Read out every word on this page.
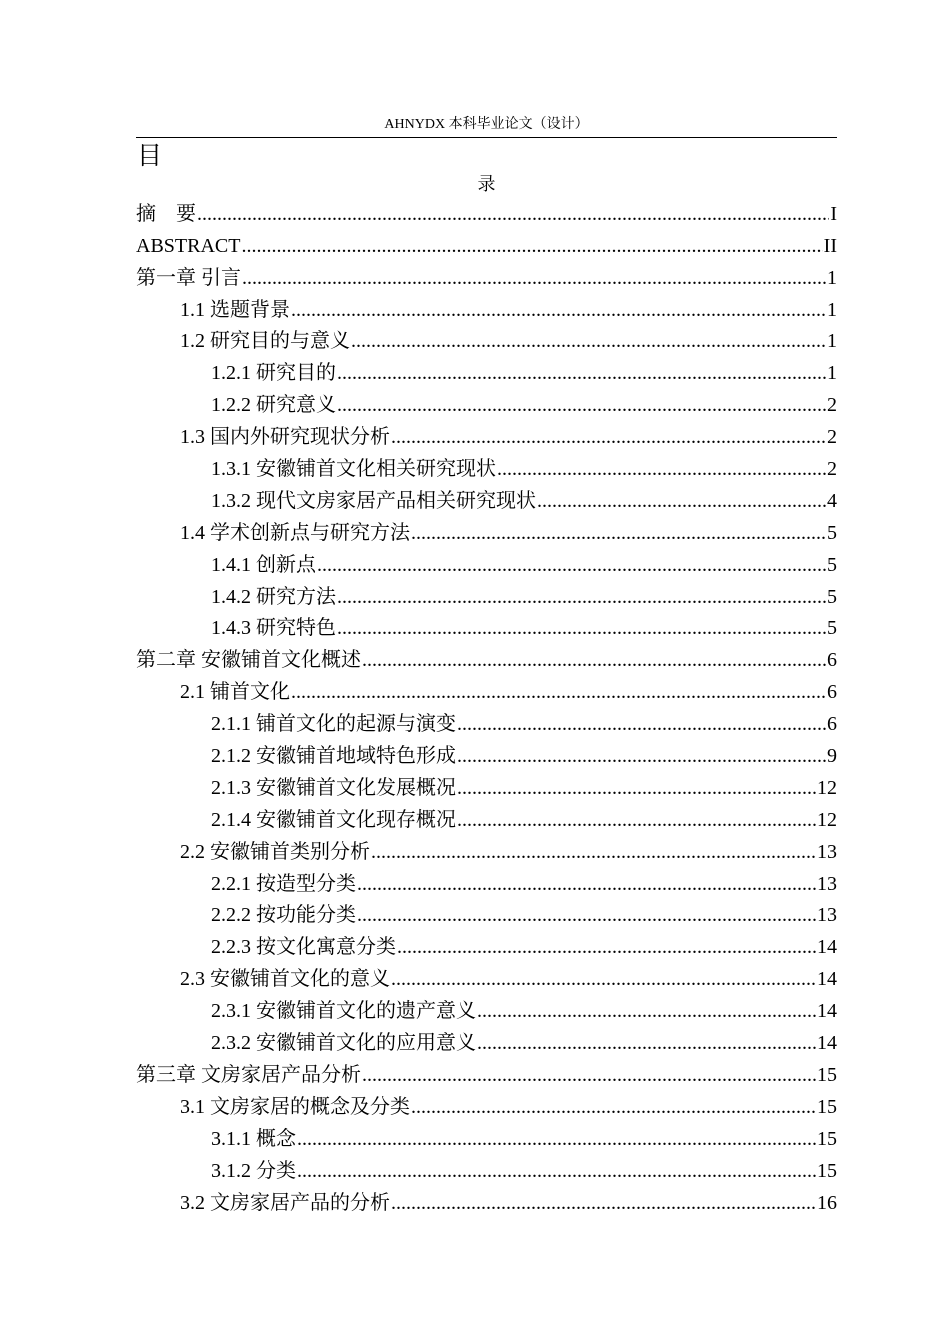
AHNYDX 本科毕业论文（设计）
目
录
摘　要 .....	I
ABSTRACT .....	II
第一章 引言 .....	1
1.1 选题背景 .....	1
1.2 研究目的与意义 .....	1
1.2.1 研究目的 .....	1
1.2.2 研究意义 .....	2
1.3 国内外研究现状分析 .....	2
1.3.1 安徽铺首文化相关研究现状 .....	2
1.3.2 现代文房家居产品相关研究现状 .....	4
1.4 学术创新点与研究方法 .....	5
1.4.1 创新点 .....	5
1.4.2 研究方法 .....	5
1.4.3 研究特色 .....	5
第二章 安徽铺首文化概述 .....	6
2.1 铺首文化 .....	6
2.1.1 铺首文化的起源与演变 .....	6
2.1.2 安徽铺首地域特色形成 .....	9
2.1.3 安徽铺首文化发展概况 .....	12
2.1.4 安徽铺首文化现存概况 .....	12
2.2 安徽铺首类别分析 .....	13
2.2.1 按造型分类 .....	13
2.2.2 按功能分类 .....	13
2.2.3 按文化寓意分类 .....	14
2.3 安徽铺首文化的意义 .....	14
2.3.1 安徽铺首文化的遗产意义 .....	14
2.3.2 安徽铺首文化的应用意义 .....	14
第三章 文房家居产品分析 .....	15
3.1 文房家居的概念及分类 .....	15
3.1.1 概念 .....	15
3.1.2 分类 .....	15
3.2 文房家居产品的分析 .....	16
